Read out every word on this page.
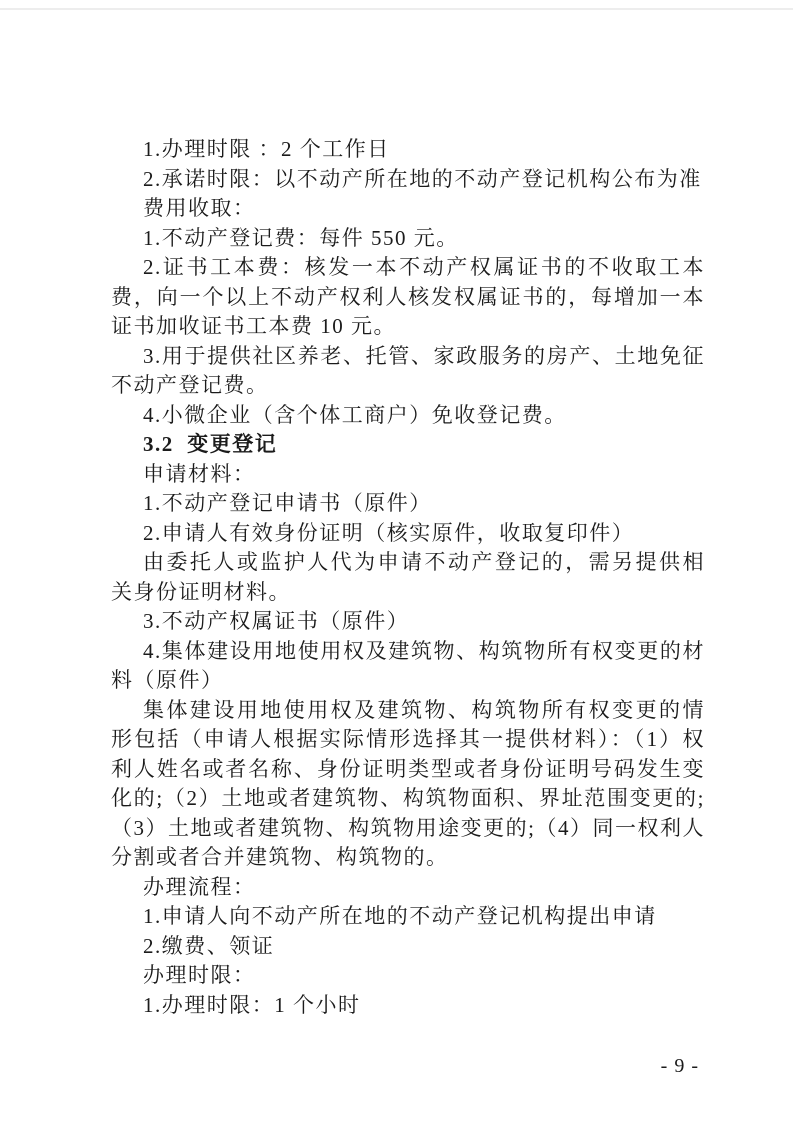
1.办理时限 ：2 个工作日

2.承诺时限：以不动产所在地的不动产登记机构公布为准

费用收取：

1.不动产登记费：每件 550 元。

2.证书工本费：核发一本不动产权属证书的不收取工本费，向一个以上不动产权利人核发权属证书的，每增加一本证书加收证书工本费 10 元。

3.用于提供社区养老、托管、家政服务的房产、土地免征不动产登记费。

4.小微企业（含个体工商户）免收登记费。

3.2  变更登记

申请材料：

1.不动产登记申请书（原件）

2.申请人有效身份证明（核实原件，收取复印件）

由委托人或监护人代为申请不动产登记的，需另提供相关身份证明材料。

3.不动产权属证书（原件）

4.集体建设用地使用权及建筑物、构筑物所有权变更的材料（原件）

集体建设用地使用权及建筑物、构筑物所有权变更的情形包括（申请人根据实际情形选择其一提供材料）：（1）权利人姓名或者名称、身份证明类型或者身份证明号码发生变化的;（2）土地或者建筑物、构筑物面积、界址范围变更的;（3）土地或者建筑物、构筑物用途变更的;（4）同一权利人分割或者合并建筑物、构筑物的。

办理流程：

1.申请人向不动产所在地的不动产登记机构提出申请

2.缴费、领证

办理时限：

1.办理时限：1 个小时

- 9 -
